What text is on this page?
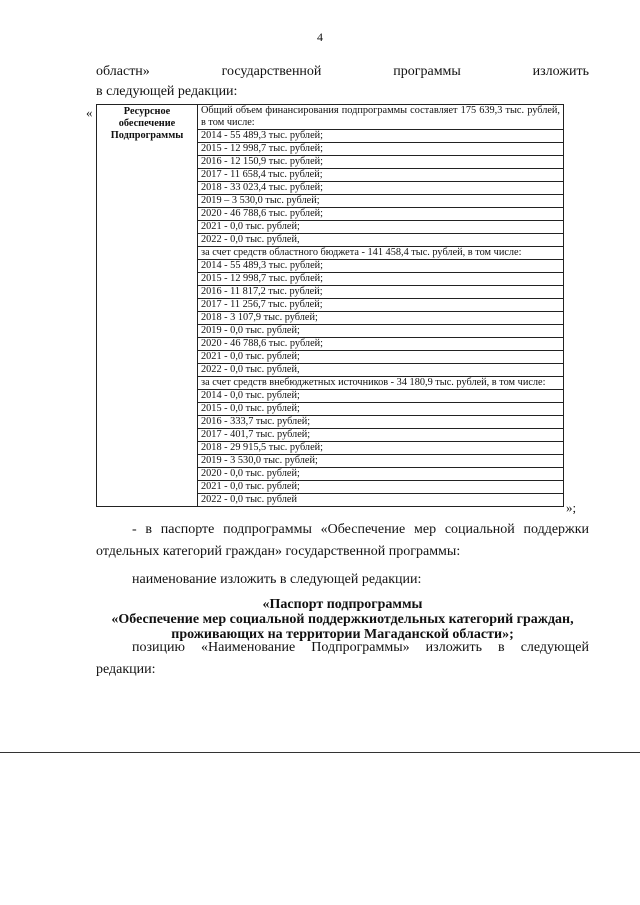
4
областн»	государственной	программы	изложить
в следующей редакции:
«	Ресурсное
обеспечение
Подпрограммы

Общий объем финансирования подпрограммы составляет 175 639,3 тыс. рублей, в том числе:
2014 - 55 489,3 тыс. рублей;
2015 - 12 998,7 тыс. рублей;
2016 - 12 150,9 тыс. рублей;
2017 - 11 658,4 тыс. рублей;
2018 - 33 023,4 тыс. рублей;
2019 – 3 530,0 тыс. рублей;
2020 - 46 788,6 тыс. рублей;
2021 - 0,0 тыс. рублей;
2022 - 0,0 тыс. рублей,
за счет средств областного бюджета - 141 458,4 тыс. рублей, в том числе:
2014 - 55 489,3 тыс. рублей;
2015 - 12 998,7 тыс. рублей;
2016 - 11 817,2 тыс. рублей;
2017 - 11 256,7 тыс. рублей;
2018 - 3 107,9 тыс. рублей;
2019 - 0,0 тыс. рублей;
2020 - 46 788,6 тыс. рублей;
2021 - 0,0 тыс. рублей;
2022 - 0,0 тыс. рублей,
за счет средств внебюджетных источников - 34 180,9 тыс. рублей, в том числе:
2014 - 0,0 тыс. рублей;
2015 - 0,0 тыс. рублей;
2016 - 333,7 тыс. рублей;
2017 - 401,7 тыс. рублей;
2018 - 29 915,5 тыс. рублей;
2019 - 3 530,0 тыс. рублей;
2020 - 0,0 тыс. рублей;
2021 - 0,0 тыс. рублей;
2022 - 0,0 тыс. рублей
»;
- в паспорте подпрограммы «Обеспечение мер социальной поддержки отдельных категорий граждан» государственной программы:
наименование изложить в следующей редакции:
«Паспорт подпрограммы
«Обеспечение мер социальной поддержкиотдельных категорий граждан, проживающих на территории Магаданской области»;
позицию «Наименование Подпрограммы» изложить в следующей редакции:
